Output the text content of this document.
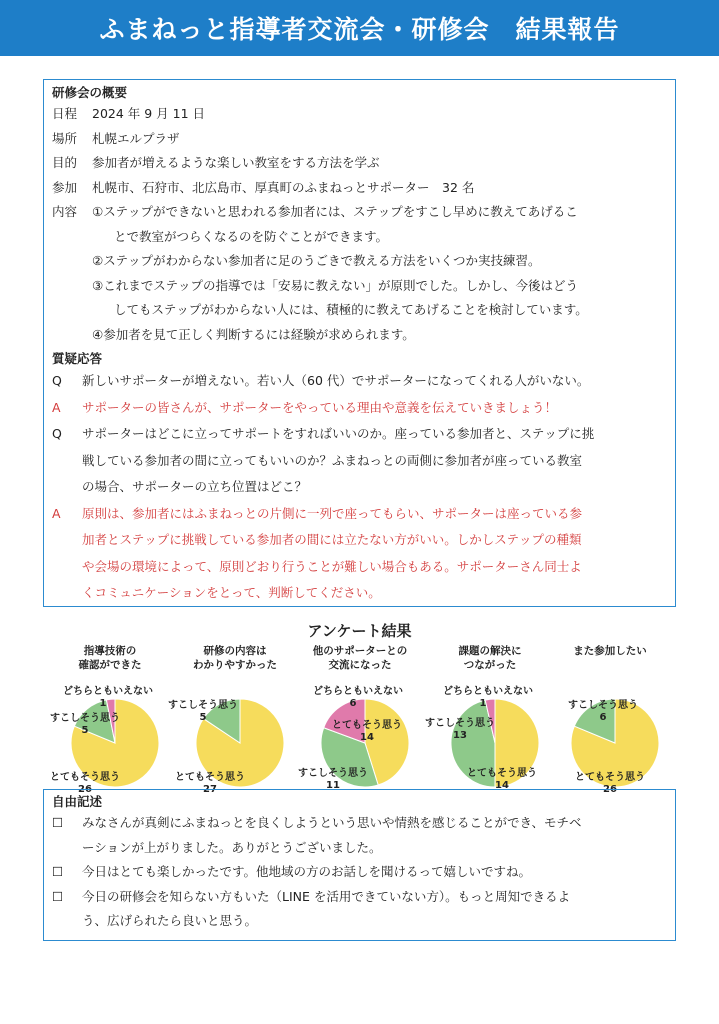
ふまねっと指導者交流会・研修会　結果報告
研修会の概要
日程	2024 年 9 月 11 日
場所	札幌エルプラザ
目的	参加者が増えるような楽しい教室をする方法を学ぶ
参加	札幌市、石狩市、北広島市、厚真町のふまねっとサポーター　32 名
内容	①ステップができないと思われる参加者には、ステップをすこし早めに教えてあげるこ
とで教室がつらくなるのを防ぐことができます。
②ステップがわからない参加者に足のうごきで教える方法をいくつか実技練習。
③これまでステップの指導では「安易に教えない」が原則でした。しかし、今後はどう
してもステップがわからない人には、積極的に教えてあげることを検討しています。
④参加者を見て正しく判断するには経験が求められます。
質疑応答
Q	新しいサポーターが増えない。若い人（60 代）でサポーターになってくれる人がいない。
A	サポーターの皆さんが、サポーターをやっている理由や意義を伝えていきましょう！
Q	サポーターはどこに立ってサポートをすればいいのか。座っている参加者と、ステップに挑
戦している参加者の間に立ってもいいのか？ふまねっとの両側に参加者が座っている教室
の場合、サポーターの立ち位置はどこ？
A	原則は、参加者にはふまねっとの片側に一列で座ってもらい、サポーターは座っている参
加者とステップに挑戦している参加者の間には立たない方がいい。しかしステップの種類
や会場の環境によって、原則どおり行うことが難しい場合もある。サポーターさん同士よ
くコミュニケーションをとって、判断してください。
アンケート結果
指導技術の
確認ができた
とてもそう思う
26
すこしそう思う
5
どちらともいえない
1
研修の内容は
わかりやすかった
とてもそう思う
27
すこしそう思う
5
他のサポーターとの
交流になった
とてもそう思う
14
すこしそう思う
11
どちらともいえない
6
課題の解決に
つながった
とてもそう思う
14
すこしそう思う
13
どちらともいえない
1
また参加したい
とてもそう思う
26
すこしそう思う
6
自由記述
☐	みなさんが真剣にふまねっとを良くしようという思いや情熱を感じることができ、モチベ
ーションが上がりました。ありがとうございました。
☐	今日はとても楽しかったです。他地域の方のお話しを聞けるって嬉しいですね。
☐	今日の研修会を知らない方もいた（LINE を活用できていない方）。もっと周知できるよ
う、広げられたら良いと思う。
